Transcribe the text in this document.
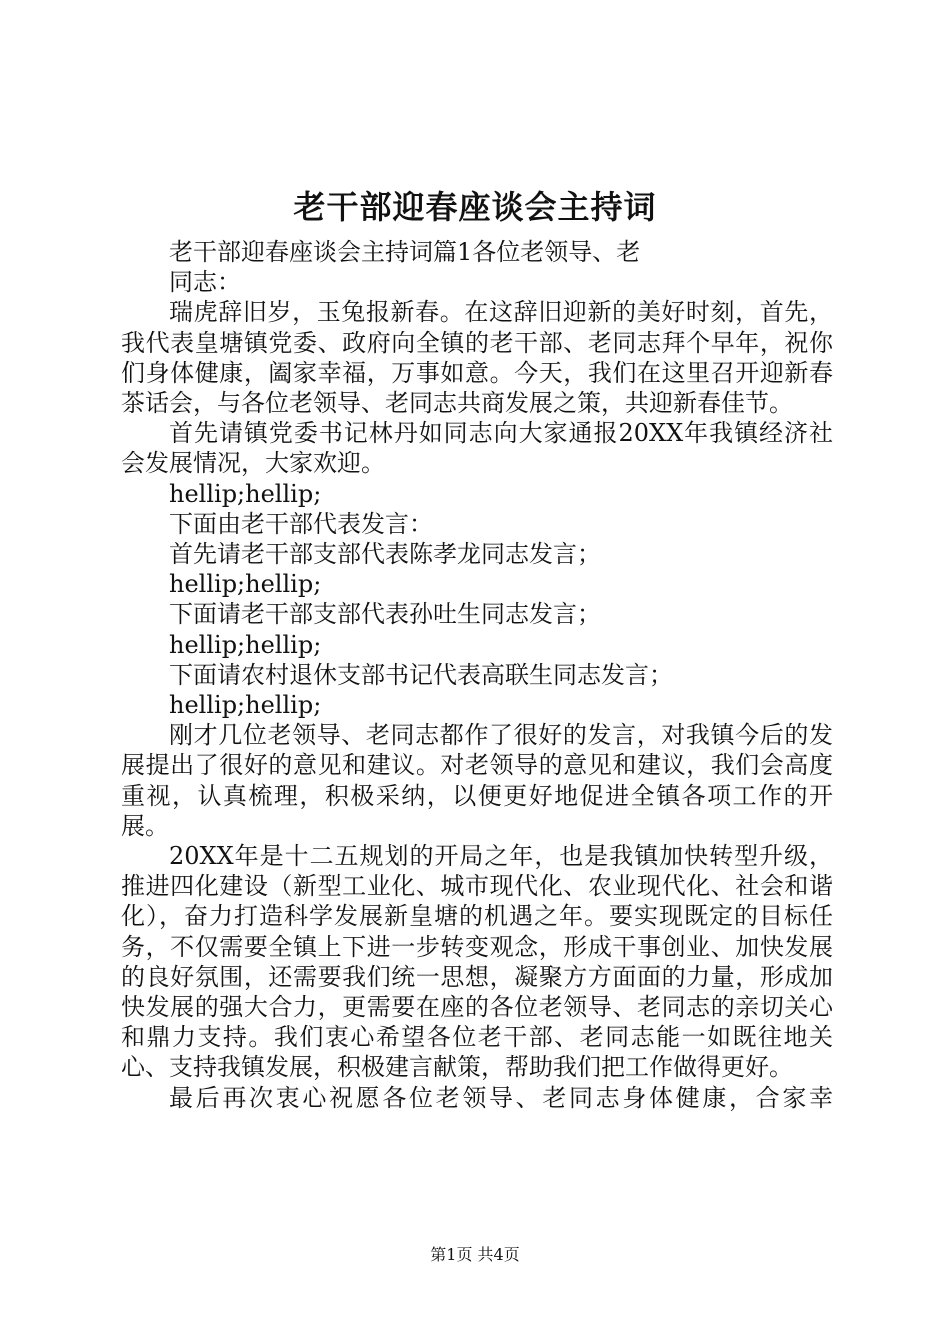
老干部迎春座谈会主持词

老干部迎春座谈会主持词篇1各位老领导、老

同志：

瑞虎辞旧岁，玉兔报新春。在这辞旧迎新的美好时刻，首先，我代表皇塘镇党委、政府向全镇的老干部、老同志拜个早年，祝你们身体健康，阖家幸福，万事如意。今天，我们在这里召开迎新春茶话会，与各位老领导、老同志共商发展之策，共迎新春佳节。

首先请镇党委书记林丹如同志向大家通报20XX年我镇经济社会发展情况，大家欢迎。

hellip;hellip;

下面由老干部代表发言：

首先请老干部支部代表陈孝龙同志发言；

hellip;hellip;

下面请老干部支部代表孙吐生同志发言；

hellip;hellip;

下面请农村退休支部书记代表高联生同志发言；

hellip;hellip;

刚才几位老领导、老同志都作了很好的发言，对我镇今后的发展提出了很好的意见和建议。对老领导的意见和建议，我们会高度重视，认真梳理，积极采纳，以便更好地促进全镇各项工作的开展。

20XX年是十二五规划的开局之年，也是我镇加快转型升级，推进四化建设（新型工业化、城市现代化、农业现代化、社会和谐化），奋力打造科学发展新皇塘的机遇之年。要实现既定的目标任务，不仅需要全镇上下进一步转变观念，形成干事创业、加快发展的良好氛围，还需要我们统一思想，凝聚方方面面的力量，形成加快发展的强大合力，更需要在座的各位老领导、老同志的亲切关心和鼎力支持。我们衷心希望各位老干部、老同志能一如既往地关心、支持我镇发展，积极建言献策，帮助我们把工作做得更好。

最后再次衷心祝愿各位老领导、老同志身体健康，合家幸

第1页 共4页
